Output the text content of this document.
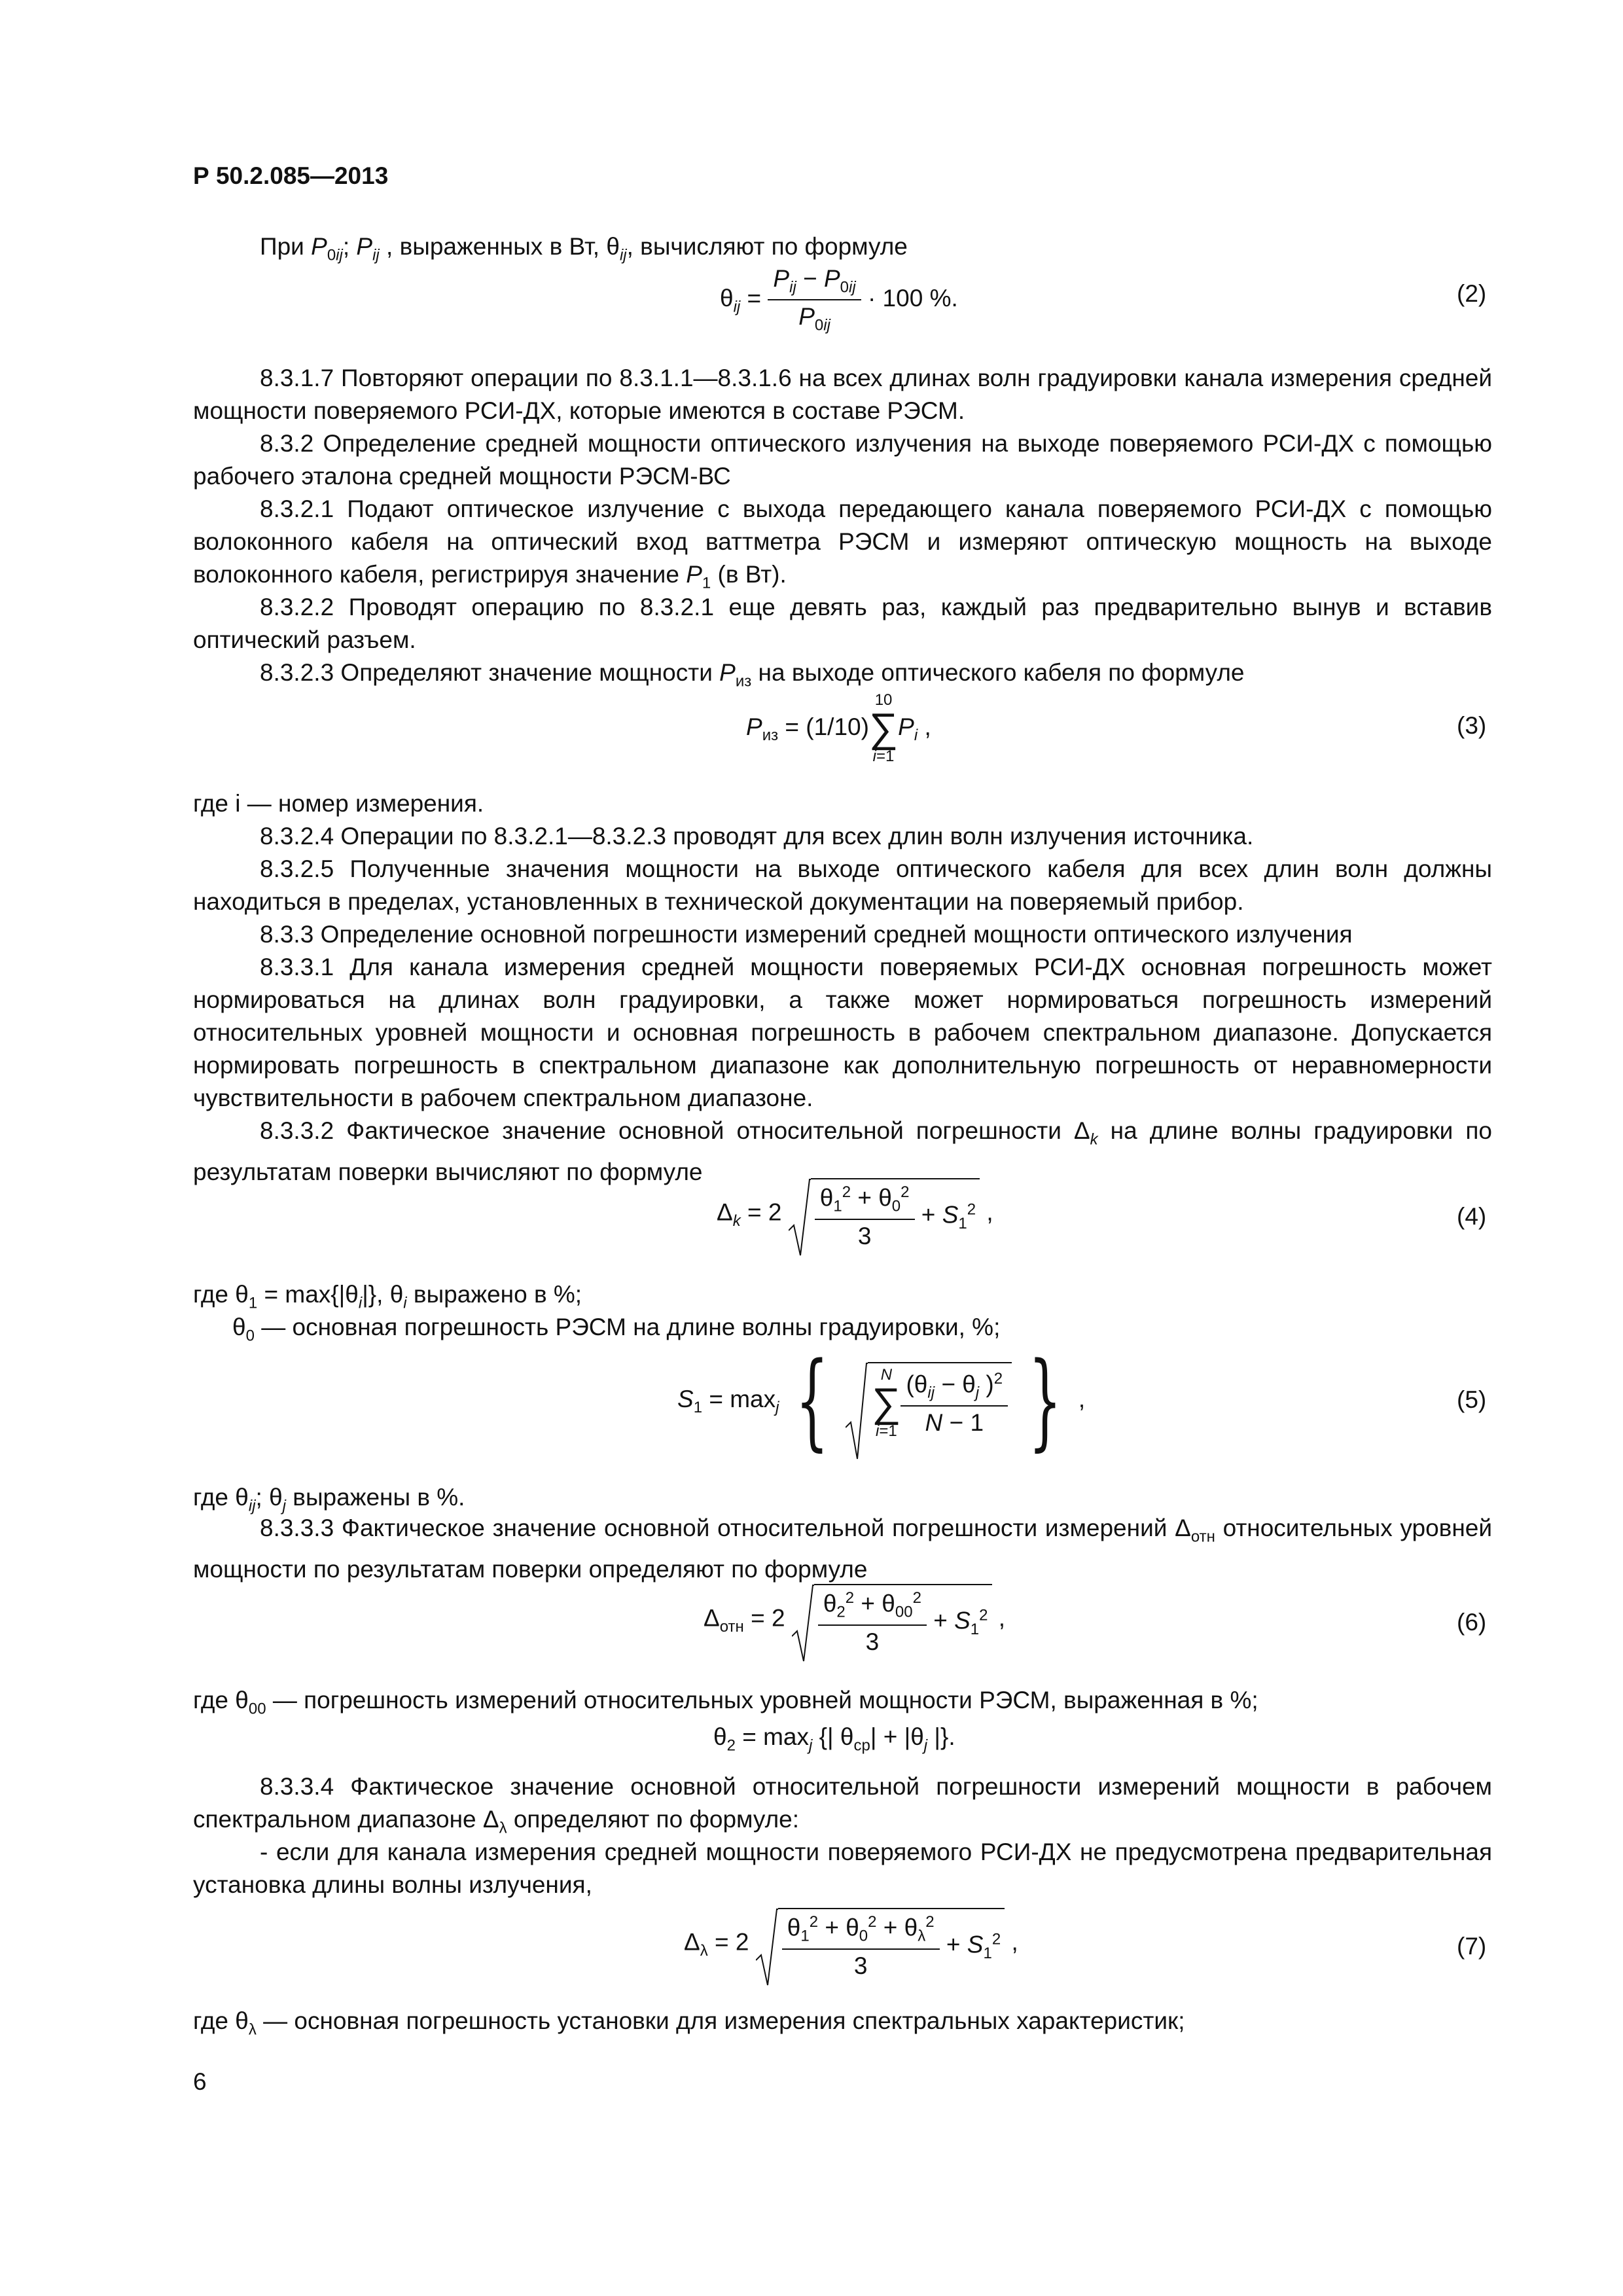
Р 50.2.085—2013
При $P_{0ij}$; $P_{ij}$ , выраженных в Вт, $\theta_{ij}$, вычисляют по формуле
$\theta_{ij} = \frac{P_{ij} - P_{0ij}}{P_{0ij}} \cdot 100$ %.	(2)

8.3.1.7 Повторяют операции по 8.3.1.1—8.3.1.6 на всех длинах волн градуировки канала измерения средней мощности поверяемого РСИ-ДХ, которые имеются в составе РЭСМ.

8.3.2 Определение средней мощности оптического излучения на выходе поверяемого РСИ-ДХ с помощью рабочего эталона средней мощности РЭСМ-ВС

8.3.2.1 Подают оптическое излучение с выхода передающего канала поверяемого РСИ-ДХ с помощью волоконного кабеля на оптический вход ваттметра РЭСМ и измеряют оптическую мощность на выходе волоконного кабеля, регистрируя значение $P_1$ (в Вт).

8.3.2.2 Проводят операцию по 8.3.2.1 еще девять раз, каждый раз предварительно вынув и вставив оптический разъем.

8.3.2.3 Определяют значение мощности $P_{из}$ на выходе оптического кабеля по формуле

$P_{из} = (1/10)$
10
∑
i=1
$P_i$ ,	(3)

где i — номер измерения.

8.3.2.4 Операции по 8.3.2.1—8.3.2.3 проводят для всех длин волн излучения источника.

8.3.2.5 Полученные значения мощности на выходе оптического кабеля для всех длин волн должны находиться в пределах, установленных в технической документации на поверяемый прибор.

8.3.3 Определение основной погрешности измерений средней мощности оптического излучения

8.3.3.1 Для канала измерения средней мощности поверяемых РСИ-ДХ основная погрешность может нормироваться на длинах волн градуировки, а также может нормироваться погрешность измерений относительных уровней мощности и основная погрешность в рабочем спектральном диапазоне. Допускается нормировать погрешность в спектральном диапазоне как дополнительную погрешность от неравномерности чувствительности в рабочем спектральном диапазоне.

8.3.3.2 Фактическое значение основной относительной погрешности $\Delta_k$ на длине волны градуировки по результатам поверки вычисляют по формуле

$\Delta_k = 2 \frac{\theta_1^2 + \theta_0^2}{3} + S_1^2$ ,	(4)

где $\theta_1 = \max\{|\theta_i|\}$, $\theta_i$ выражено в %;

$\theta_0$ — основная погрешность РЭСМ на длине волны градуировки, %;

$S_1 = \max_j$ {	N
∑
$i=1 \frac{(\theta_{ij} - \theta_j )^2}{N - 1}$ } ,	(5)

где $\theta_{ij}$; $\theta_j$ выражены в %.

8.3.3.3 Фактическое значение основной относительной погрешности измерений $\Delta_{отн}$ относительных уровней мощности по результатам поверки определяют по формуле

$\Delta_{отн} = 2 \frac{\theta_2^2 + \theta_{00}^2}{3} + S_1^2$ ,	(6)

где $\theta_{00}$ — погрешность измерений относительных уровней мощности РЭСМ, выраженная в %;

$\theta_2 = \max_j$ {| $\theta_{ср}| + |\theta_j$ |}.

8.3.3.4 Фактическое значение основной относительной погрешности измерений мощности в рабочем спектральном диапазоне $\Delta_\lambda$ определяют по формуле:

- если для канала измерения средней мощности поверяемого РСИ-ДХ не предусмотрена предварительная установка длины волны излучения,

$\Delta_\lambda = 2 \frac{\theta_1^2 + \theta_0^2 + \theta_\lambda^2}{3} + S_1^2$ ,	(7)

где $\theta_\lambda$ — основная погрешность установки для измерения спектральных характеристик;

6
